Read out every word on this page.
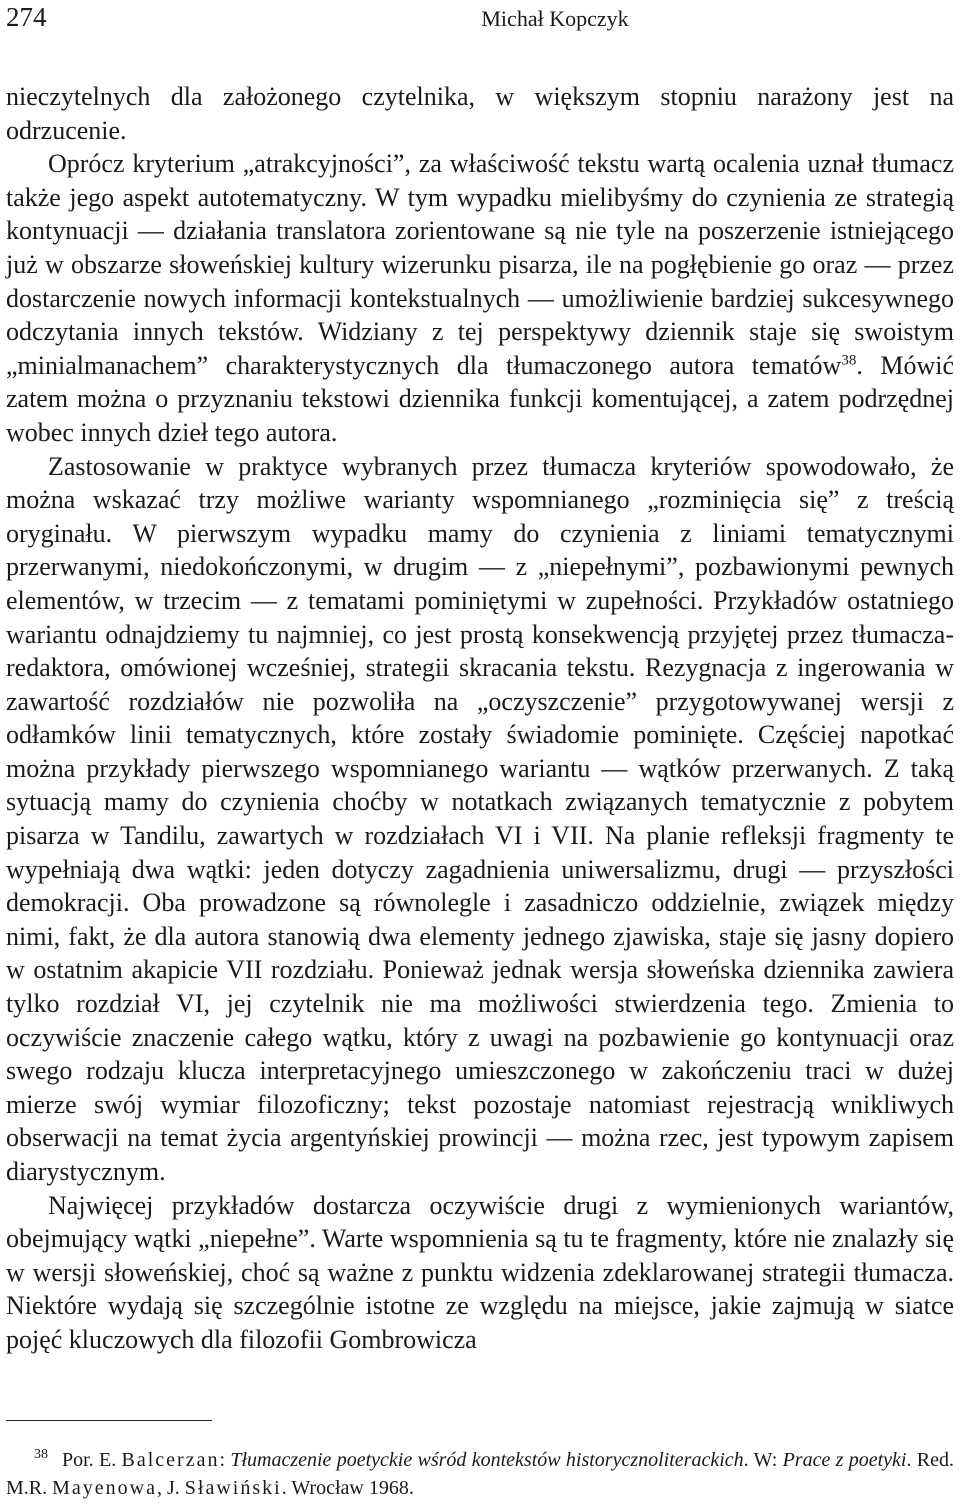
274	Michał Kopczyk

nieczytelnych dla założonego czytelnika, w większym stopniu narażony jest na odrzucenie.

Oprócz kryterium „atrakcyjności”, za właściwość tekstu wartą ocalenia uznał tłumacz także jego aspekt autotematyczny. W tym wypadku mielibyśmy do czynienia ze strategią kontynuacji — działania translatora zorientowane są nie tyle na poszerzenie istniejącego już w obszarze słoweńskiej kultury wizerunku pisarza, ile na pogłębienie go oraz — przez dostarczenie nowych informacji kontekstualnych — umożliwienie bardziej sukcesywnego odczytania innych tekstów. Widziany z tej perspektywy dziennik staje się swoistym „minialmanachem” charakterystycznych dla tłumaczonego autora tematów$^{38}$. Mówić zatem można o przyznaniu tekstowi dziennika funkcji komentującej, a zatem podrzędnej wobec innych dzieł tego autora.

Zastosowanie w praktyce wybranych przez tłumacza kryteriów spowodowało, że można wskazać trzy możliwe warianty wspomnianego „rozminięcia się” z treścią oryginału. W pierwszym wypadku mamy do czynienia z liniami tematycznymi przerwanymi, niedokończonymi, w drugim — z „niepełnymi”, pozbawionymi pewnych elementów, w trzecim — z tematami pominiętymi w zupełności. Przykładów ostatniego wariantu odnajdziemy tu najmniej, co jest prostą konsekwencją przyjętej przez tłumacza-redaktora, omówionej wcześniej, strategii skracania tekstu. Rezygnacja z ingerowania w zawartość rozdziałów nie pozwoliła na „oczyszczenie” przygotowywanej wersji z odłamków linii tematycznych, które zostały świadomie pominięte. Częściej napotkać można przykłady pierwszego wspomnianego wariantu — wątków przerwanych. Z taką sytuacją mamy do czynienia choćby w notatkach związanych tematycznie z pobytem pisarza w Tandilu, zawartych w rozdziałach VI i VII. Na planie refleksji fragmenty te wypełniają dwa wątki: jeden dotyczy zagadnienia uniwersalizmu, drugi — przyszłości demokracji. Oba prowadzone są równolegle i zasadniczo oddzielnie, związek między nimi, fakt, że dla autora stanowią dwa elementy jednego zjawiska, staje się jasny dopiero w ostatnim akapicie VII rozdziału. Ponieważ jednak wersja słoweńska dziennika zawiera tylko rozdział VI, jej czytelnik nie ma możliwości stwierdzenia tego. Zmienia to oczywiście znaczenie całego wątku, który z uwagi na pozbawienie go kontynuacji oraz swego rodzaju klucza interpretacyjnego umieszczonego w zakończeniu traci w dużej mierze swój wymiar filozoficzny; tekst pozostaje natomiast rejestracją wnikliwych obserwacji na temat życia argentyńskiej prowincji — można rzec, jest typowym zapisem diarystycznym.

Najwięcej przykładów dostarcza oczywiście drugi z wymienionych wariantów, obejmujący wątki „niepełne”. Warte wspomnienia są tu te fragmenty, które nie znalazły się w wersji słoweńskiej, choć są ważne z punktu widzenia zdeklarowanej strategii tłumacza. Niektóre wydają się szczególnie istotne ze względu na miejsce, jakie zajmują w siatce pojęć kluczowych dla filozofii Gombrowicza

$^{38}$ Por. E. Balcerzan: Tłumaczenie poetyckie wśród kontekstów historycznoliterackich. W: Prace z poetyki. Red. M.R. Mayenowa, J. Sławiński. Wrocław 1968.
